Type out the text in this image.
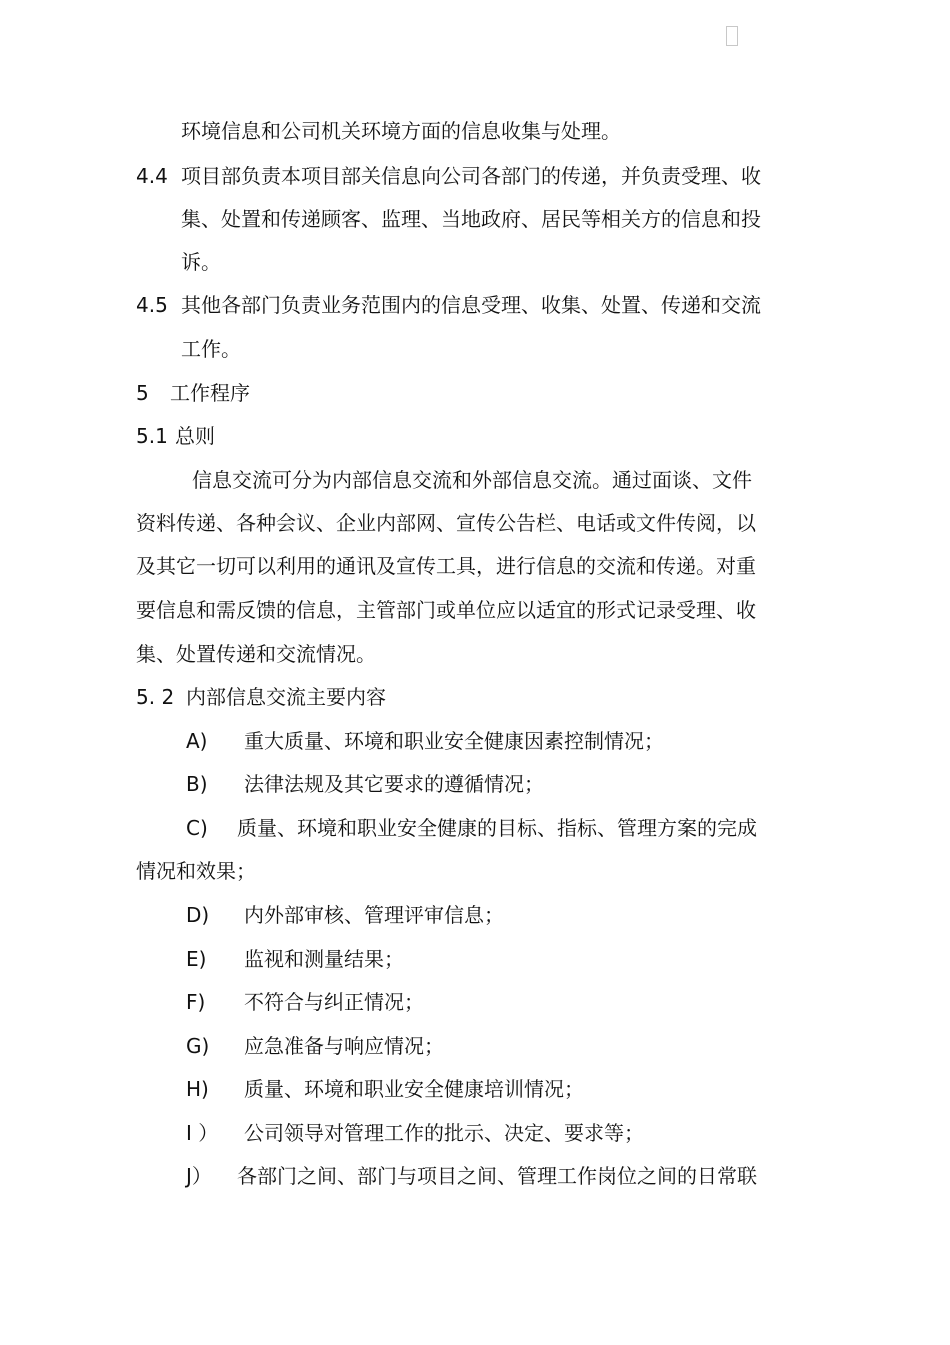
环境信息和公司机关环境方面的信息收集与处理。
4.4 项目部负责本项目部关信息向公司各部门的传递，并负责受理、收
集、处置和传递顾客、监理、当地政府、居民等相关方的信息和投
诉。
4.5 其他各部门负责业务范围内的信息受理、收集、处置、传递和交流
工作。
5 工作程序
5.1 总则
信息交流可分为内部信息交流和外部信息交流。通过面谈、文件
资料传递、各种会议、企业内部网、宣传公告栏、电话或文件传阅，以
及其它一切可以利用的通讯及宣传工具，进行信息的交流和传递。对重
要信息和需反馈的信息，主管部门或单位应以适宜的形式记录受理、收
集、处置传递和交流情况。
5. 2 内部信息交流主要内容
A) 重大质量、环境和职业安全健康因素控制情况；
B) 法律法规及其它要求的遵循情况；
C) 质量、环境和职业安全健康的目标、指标、管理方案的完成
情况和效果；
D) 内外部审核、管理评审信息；
E) 监视和测量结果；
F) 不符合与纠正情况；
G) 应急准备与响应情况；
H) 质量、环境和职业安全健康培训情况；
I ） 公司领导对管理工作的批示、决定、要求等；
J） 各部门之间、部门与项目之间、管理工作岗位之间的日常联
